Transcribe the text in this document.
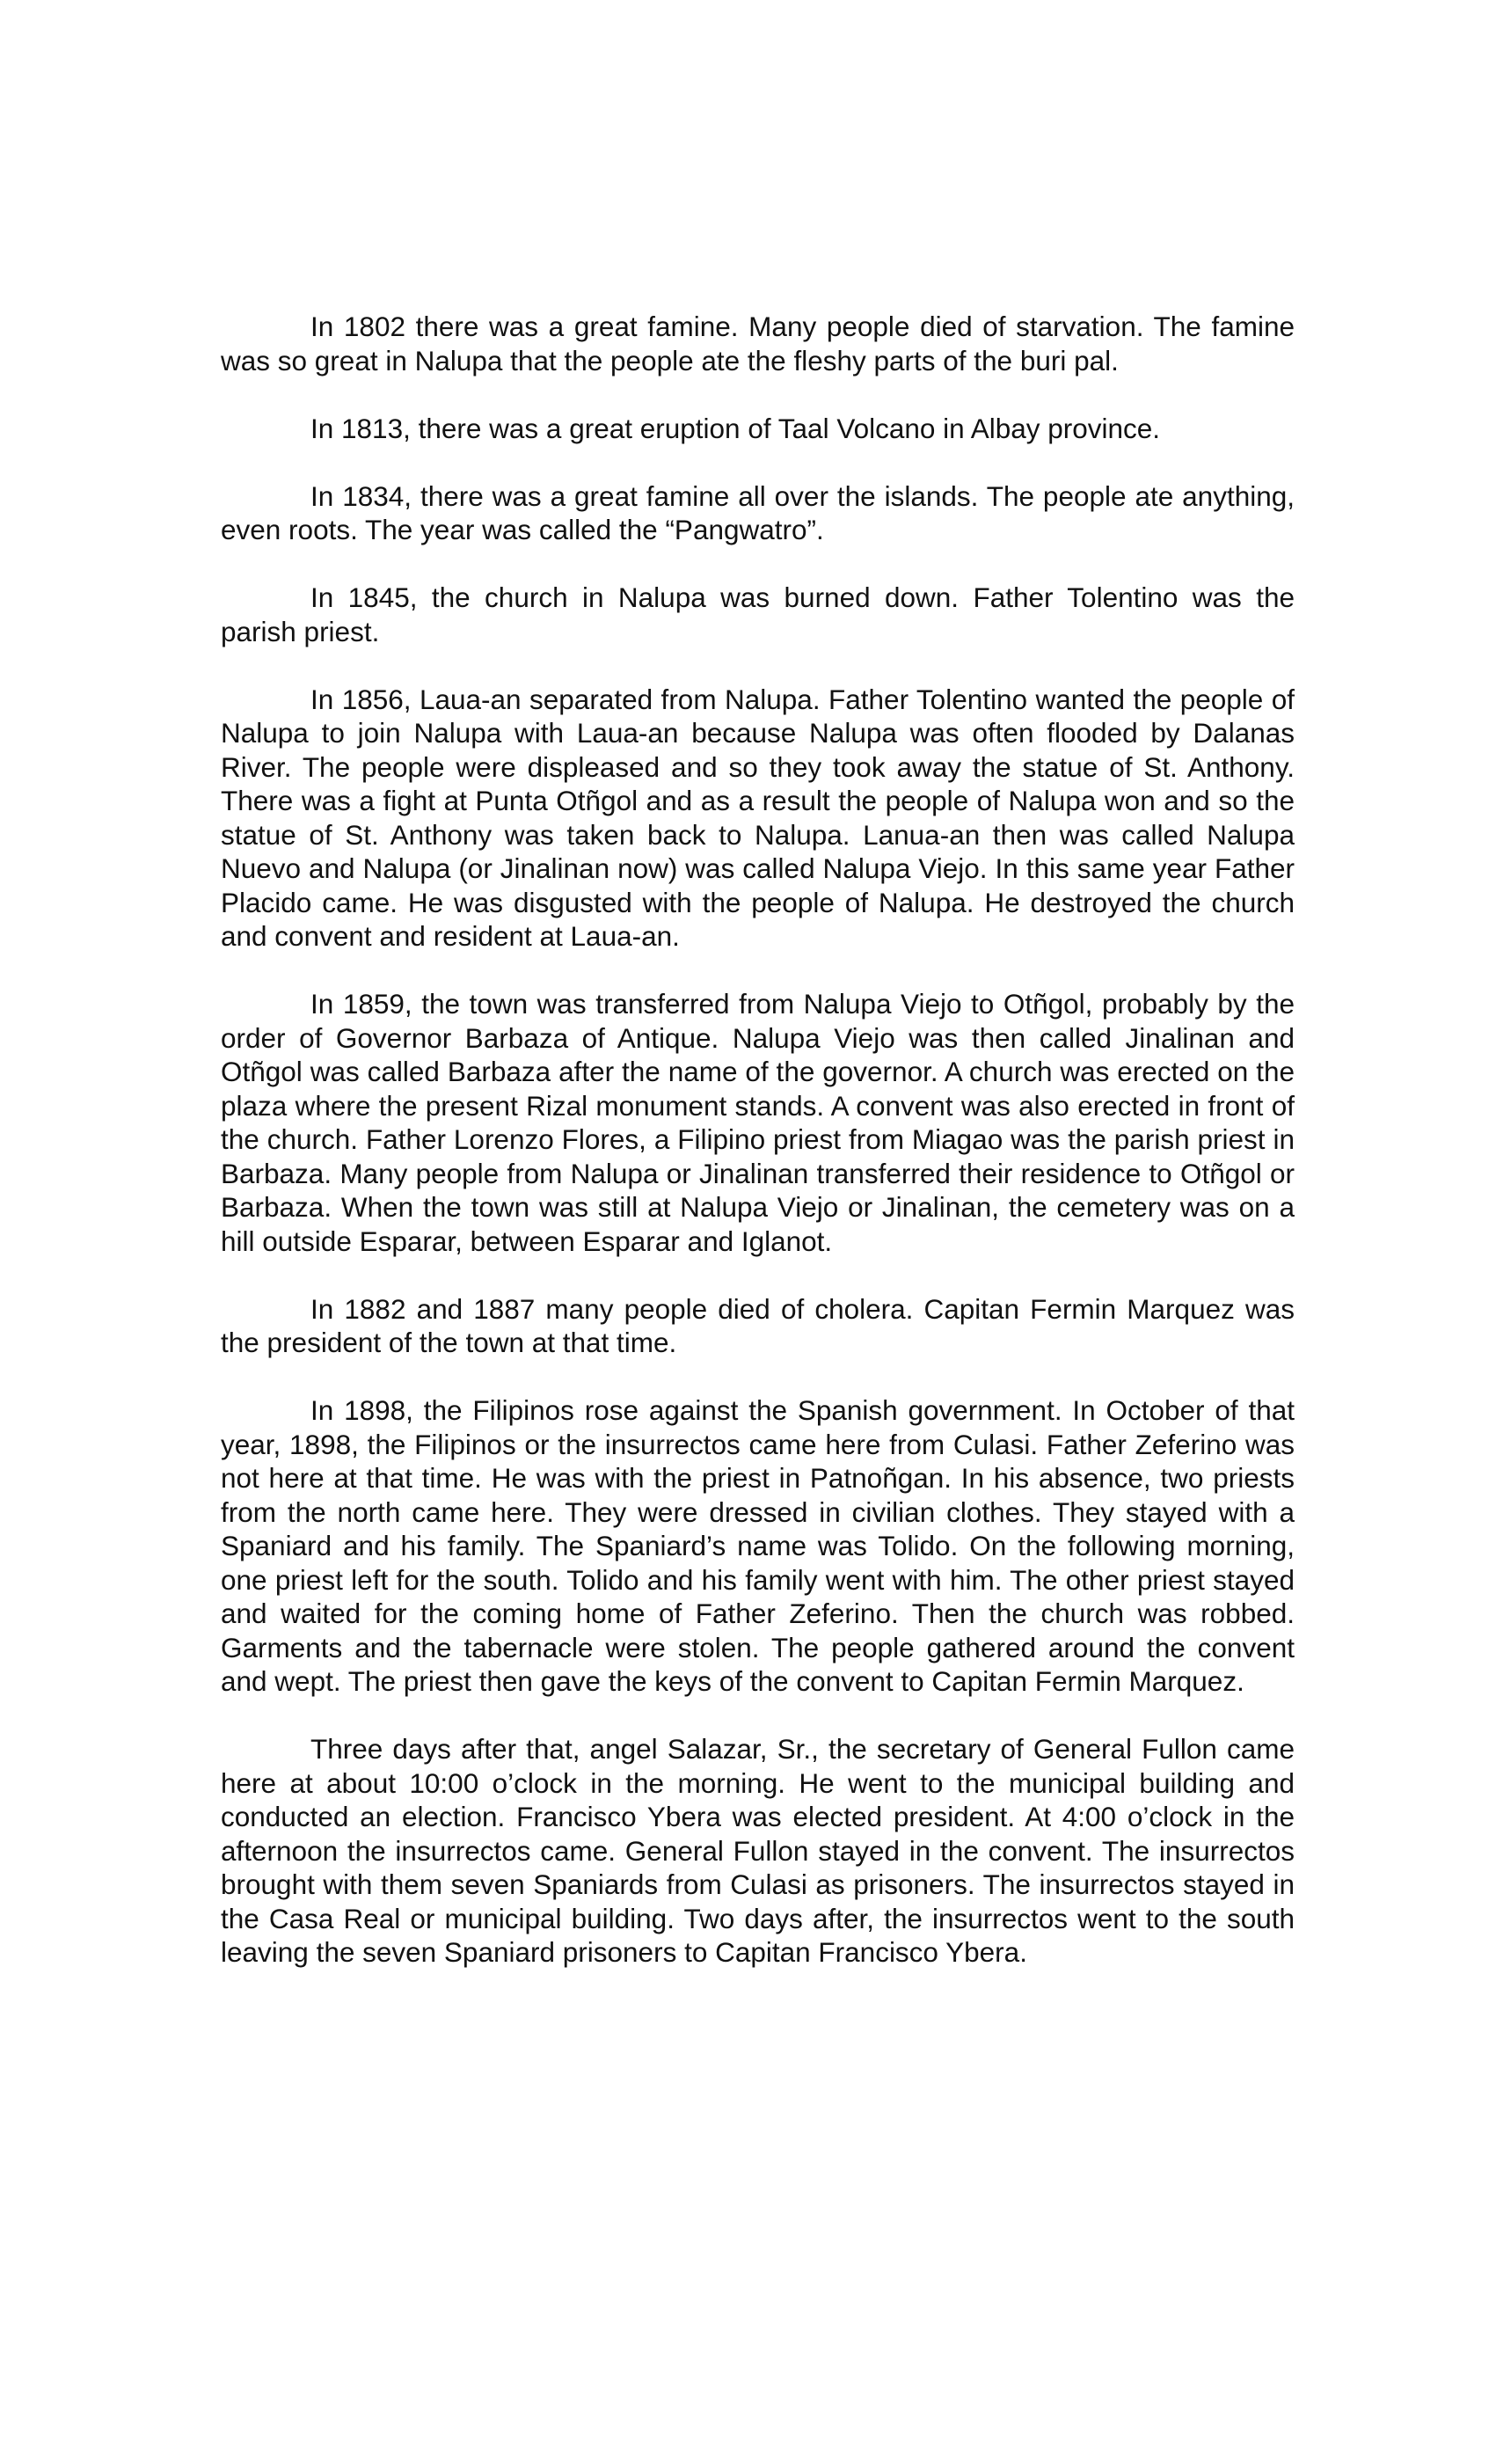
In 1802 there was a great famine. Many people died of starvation. The famine was so great in Nalupa that the people ate the fleshy parts of the buri pal.

In 1813, there was a great eruption of Taal Volcano in Albay province.

In 1834, there was a great famine all over the islands. The people ate anything, even roots. The year was called the “Pangwatro”.

In 1845, the church in Nalupa was burned down. Father Tolentino was the parish priest.

In 1856, Laua-an separated from Nalupa. Father Tolentino wanted the people of Nalupa to join Nalupa with Laua-an because Nalupa was often flooded by Dalanas River. The people were displeased and so they took away the statue of St. Anthony. There was a fight at Punta Otñgol and as a result the people of Nalupa won and so the statue of St. Anthony was taken back to Nalupa. Lanua-an then was called Nalupa Nuevo and Nalupa (or Jinalinan now) was called Nalupa Viejo. In this same year Father Placido came. He was disgusted with the people of Nalupa. He destroyed the church and convent and resident at Laua-an.

In 1859, the town was transferred from Nalupa Viejo to Otñgol, probably by the order of Governor Barbaza of Antique. Nalupa Viejo was then called Jinalinan and Otñgol was called Barbaza after the name of the governor. A church was erected on the plaza where the present Rizal monument stands. A convent was also erected in front of the church. Father Lorenzo Flores, a Filipino priest from Miagao was the parish priest in Barbaza. Many people from Nalupa or Jinalinan transferred their residence to Otñgol or Barbaza. When the town was still at Nalupa Viejo or Jinalinan, the cemetery was on a hill outside Esparar, between Esparar and Iglanot.

In 1882 and 1887 many people died of cholera. Capitan Fermin Marquez was the president of the town at that time.

In 1898, the Filipinos rose against the Spanish government. In October of that year, 1898, the Filipinos or the insurrectos came here from Culasi. Father Zeferino was not here at that time. He was with the priest in Patnoñgan. In his absence, two priests from the north came here. They were dressed in civilian clothes. They stayed with a Spaniard and his family. The Spaniard’s name was Tolido. On the following morning, one priest left for the south. Tolido and his family went with him. The other priest stayed and waited for the coming home of Father Zeferino. Then the church was robbed. Garments and the tabernacle were stolen. The people gathered around the convent and wept. The priest then gave the keys of the convent to Capitan Fermin Marquez.

Three days after that, angel Salazar, Sr., the secretary of General Fullon came here at about 10:00 o’clock in the morning. He went to the municipal building and conducted an election. Francisco Ybera was elected president. At 4:00 o’clock in the afternoon the insurrectos came. General Fullon stayed in the convent. The insurrectos brought with them seven Spaniards from Culasi as prisoners. The insurrectos stayed in the Casa Real or municipal building. Two days after, the insurrectos went to the south leaving the seven Spaniard prisoners to Capitan Francisco Ybera.
